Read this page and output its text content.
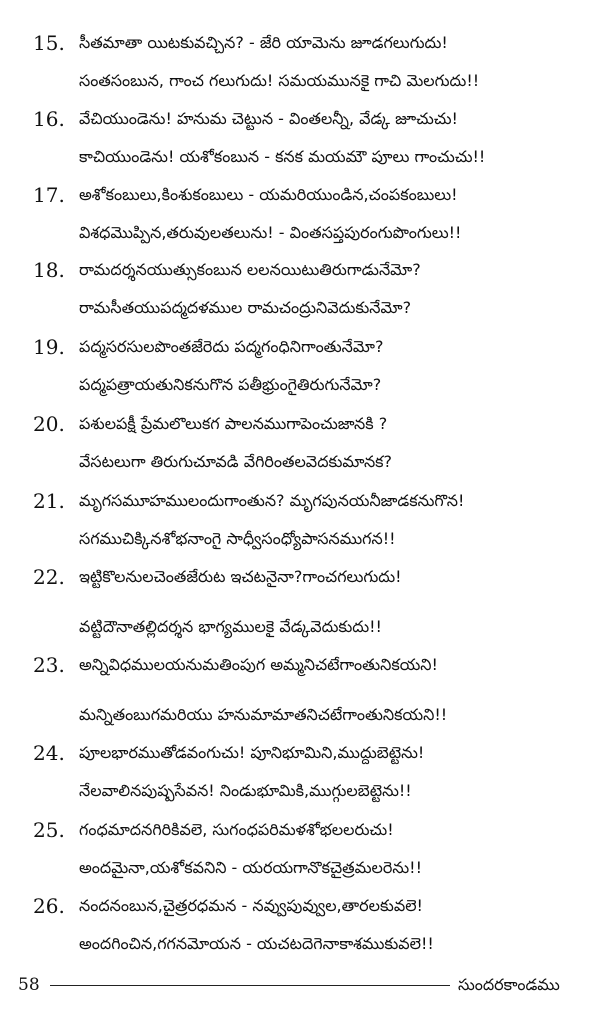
15. సీతమాతా యిటకువచ్చిన? - జేరి యామెను జూడగలుగుదు!
సంతసంబున, గాంచ గలుగుదు! సమయమునకై గాచి మెలగుదు!!
16. వేచియుండెను! హనుమ చెట్టున - వింతలన్నీ, వేడ్క జూచుచు!
కాచియుండెను! యశోకంబున - కనక మయమౌ పూలు గాంచుచు!!
17. అశోకంబులు,కింశుకంబులు - యమరియుండిన,చంపకంబులు!
విశధమొప్పిన,తరువులతలును! - వింతసప్తపురంగుపొంగులు!!
18. రామదర్శనయుత్సుకంబున లలనయిటుతిరుగాడునేమో?
రామసీతయుపద్మదళముల రామచంద్రునివెదుకునేమో?
19. పద్మసరసులపొంతజేరెదు పద్మగంధినిగాంతునేమో?
పద్మపత్రాయతునికనుగొన పతీభ్రుంగైతిరుగునేమో?
20. పశులపక్షీ ప్రేమలొలుకగ పాలనముగాపెంచుజానకి ?
వేసటలుగా తిరుగుచూవడి వేగిరింతలవెదకుమానక?
21. మృగసమూహములందుగాంతున? మృగపునయనీజాడకనుగొన!
సగముచిక్కినశోభనాంగై సాధ్వీసంధ్యోపాసనముగన!!
22. ఇట్టికొలనులచెంతజేరుట ఇచటనైనా?గాంచగలుగుదు!
వట్టిదౌనాతల్లిదర్శన భాగ్యములకై వేడ్కవెదుకుదు!!
23. అన్నివిధములయనుమతింపుగ అమ్మనిచటేగాంతునికయని!
మన్నితంబుగమరియు హనుమామాతనిచటేగాంతునికయని!!
24. పూలభారముతోడవంగుచు! పూనిభూమిని,ముద్దుబెట్టెను!
నేలవాలినపుష్పసేవన! నిండుభూమికి,ముగ్గులబెట్టెను!!
25. గంధమాదనగిరికివలె, సుగంధపరిమళశోభలలరుచు!
అందమైనా,యశోకవనిని - యరయగానొకచైత్రమలరెను!!
26. నందనంబున,చైత్రరధమన - నవ్వుపువ్వుల,తారలకువలె!
అందగించిన,గగనమోయన - యచటదెగెనాకాశముకువలె!!
58	సుందరకాండము
